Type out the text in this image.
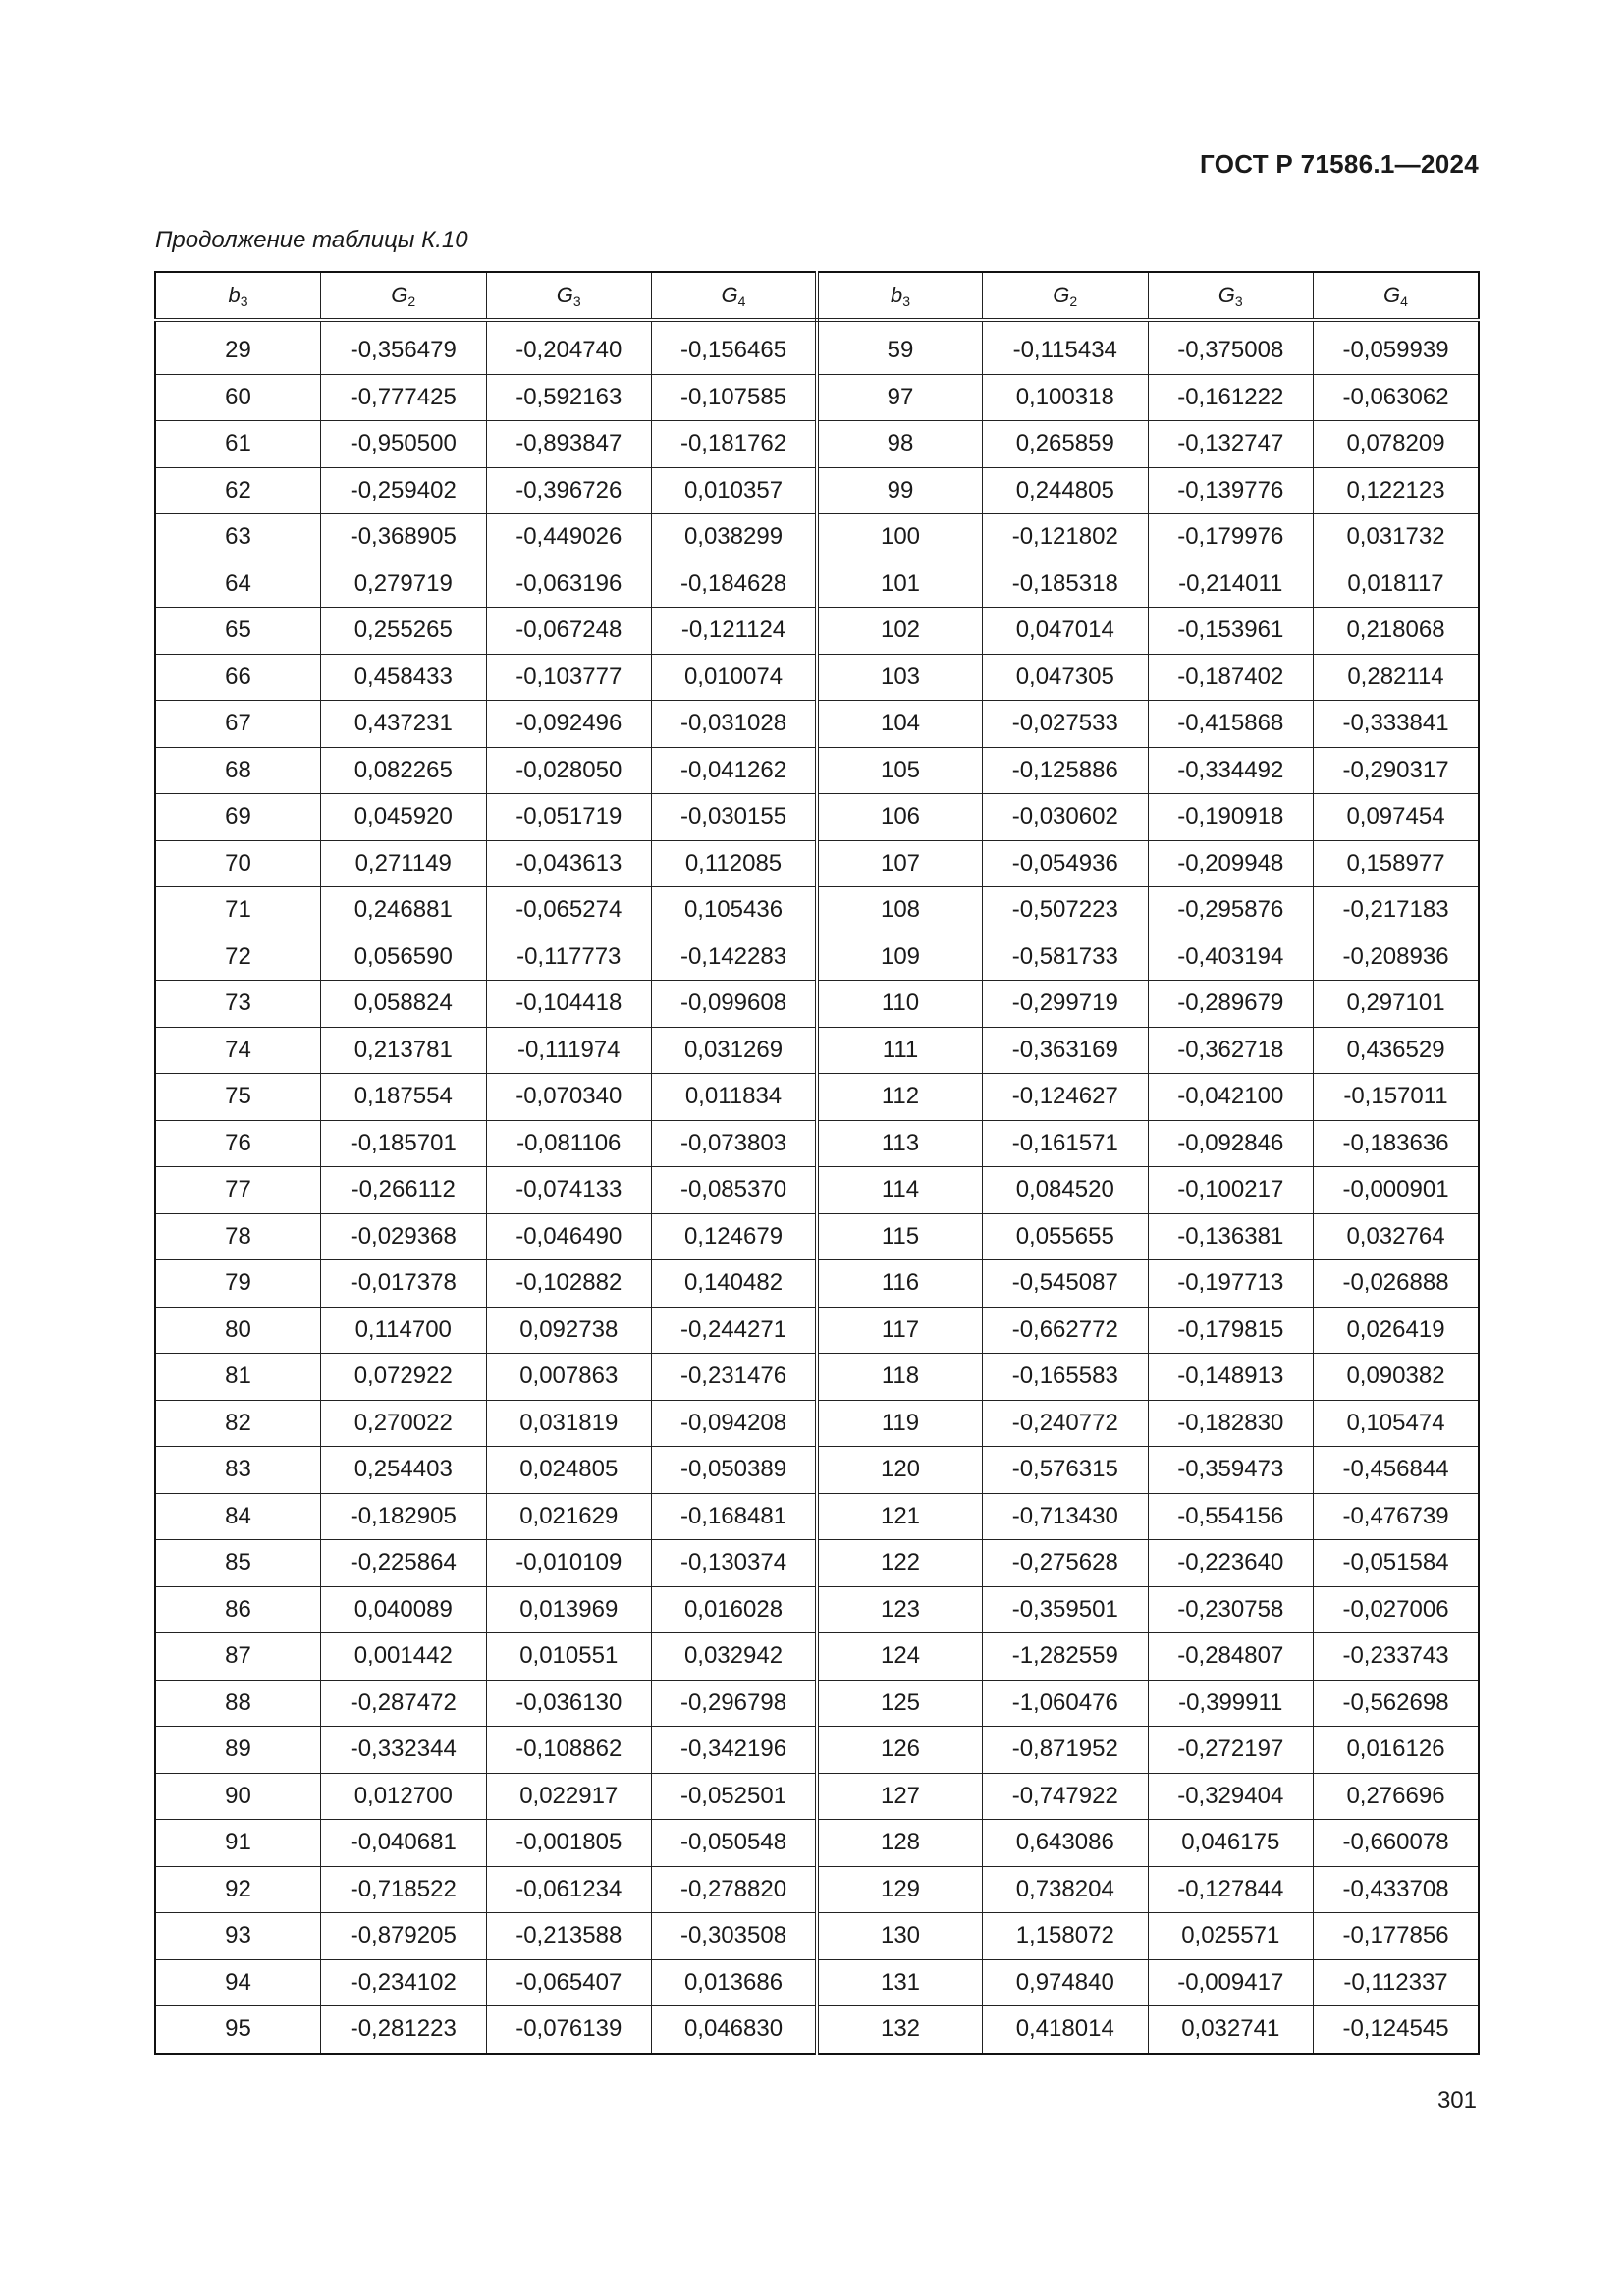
ГОСТ Р 71586.1—2024
Продолжение таблицы К.10
$b_3$	$G_2$	$G_3$	$G_4$	$b_3$	$G_2$	$G_3$	$G_4$
29	-0,356479	-0,204740	-0,156465	59	-0,115434	-0,375008	-0,059939
60	-0,777425	-0,592163	-0,107585	97	0,100318	-0,161222	-0,063062
61	-0,950500	-0,893847	-0,181762	98	0,265859	-0,132747	0,078209
62	-0,259402	-0,396726	0,010357	99	0,244805	-0,139776	0,122123
63	-0,368905	-0,449026	0,038299	100	-0,121802	-0,179976	0,031732
64	0,279719	-0,063196	-0,184628	101	-0,185318	-0,214011	0,018117
65	0,255265	-0,067248	-0,121124	102	0,047014	-0,153961	0,218068
66	0,458433	-0,103777	0,010074	103	0,047305	-0,187402	0,282114
67	0,437231	-0,092496	-0,031028	104	-0,027533	-0,415868	-0,333841
68	0,082265	-0,028050	-0,041262	105	-0,125886	-0,334492	-0,290317
69	0,045920	-0,051719	-0,030155	106	-0,030602	-0,190918	0,097454
70	0,271149	-0,043613	0,112085	107	-0,054936	-0,209948	0,158977
71	0,246881	-0,065274	0,105436	108	-0,507223	-0,295876	-0,217183
72	0,056590	-0,117773	-0,142283	109	-0,581733	-0,403194	-0,208936
73	0,058824	-0,104418	-0,099608	110	-0,299719	-0,289679	0,297101
74	0,213781	-0,111974	0,031269	111	-0,363169	-0,362718	0,436529
75	0,187554	-0,070340	0,011834	112	-0,124627	-0,042100	-0,157011
76	-0,185701	-0,081106	-0,073803	113	-0,161571	-0,092846	-0,183636
77	-0,266112	-0,074133	-0,085370	114	0,084520	-0,100217	-0,000901
78	-0,029368	-0,046490	0,124679	115	0,055655	-0,136381	0,032764
79	-0,017378	-0,102882	0,140482	116	-0,545087	-0,197713	-0,026888
80	0,114700	0,092738	-0,244271	117	-0,662772	-0,179815	0,026419
81	0,072922	0,007863	-0,231476	118	-0,165583	-0,148913	0,090382
82	0,270022	0,031819	-0,094208	119	-0,240772	-0,182830	0,105474
83	0,254403	0,024805	-0,050389	120	-0,576315	-0,359473	-0,456844
84	-0,182905	0,021629	-0,168481	121	-0,713430	-0,554156	-0,476739
85	-0,225864	-0,010109	-0,130374	122	-0,275628	-0,223640	-0,051584
86	0,040089	0,013969	0,016028	123	-0,359501	-0,230758	-0,027006
87	0,001442	0,010551	0,032942	124	-1,282559	-0,284807	-0,233743
88	-0,287472	-0,036130	-0,296798	125	-1,060476	-0,399911	-0,562698
89	-0,332344	-0,108862	-0,342196	126	-0,871952	-0,272197	0,016126
90	0,012700	0,022917	-0,052501	127	-0,747922	-0,329404	0,276696
91	-0,040681	-0,001805	-0,050548	128	0,643086	0,046175	-0,660078
92	-0,718522	-0,061234	-0,278820	129	0,738204	-0,127844	-0,433708
93	-0,879205	-0,213588	-0,303508	130	1,158072	0,025571	-0,177856
94	-0,234102	-0,065407	0,013686	131	0,974840	-0,009417	-0,112337
95	-0,281223	-0,076139	0,046830	132	0,418014	0,032741	-0,124545
301
